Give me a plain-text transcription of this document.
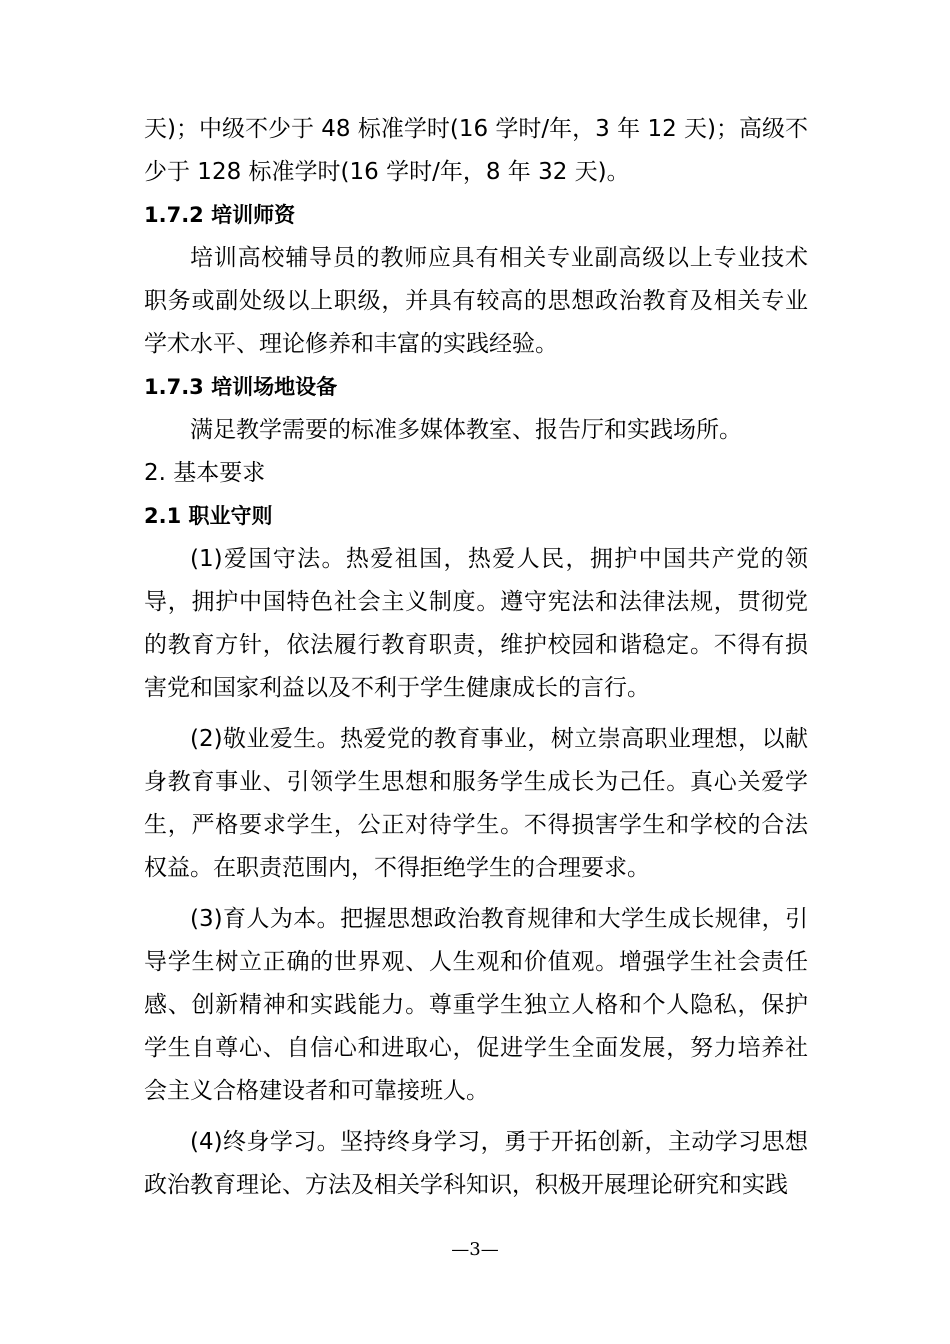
天)；中级不少于 48 标准学时(16 学时/年，3 年 12 天)；高级不少于 128 标准学时(16 学时/年，8 年 32 天)。

1.7.2 培训师资

培训高校辅导员的教师应具有相关专业副高级以上专业技术职务或副处级以上职级，并具有较高的思想政治教育及相关专业学术水平、理论修养和丰富的实践经验。

1.7.3 培训场地设备

满足教学需要的标准多媒体教室、报告厅和实践场所。

2. 基本要求

2.1 职业守则

(1)爱国守法。热爱祖国，热爱人民，拥护中国共产党的领导，拥护中国特色社会主义制度。遵守宪法和法律法规，贯彻党的教育方针，依法履行教育职责，维护校园和谐稳定。不得有损害党和国家利益以及不利于学生健康成长的言行。

(2)敬业爱生。热爱党的教育事业，树立崇高职业理想，以献身教育事业、引领学生思想和服务学生成长为己任。真心关爱学生，严格要求学生，公正对待学生。不得损害学生和学校的合法权益。在职责范围内，不得拒绝学生的合理要求。

(3)育人为本。把握思想政治教育规律和大学生成长规律，引导学生树立正确的世界观、人生观和价值观。增强学生社会责任感、创新精神和实践能力。尊重学生独立人格和个人隐私，保护学生自尊心、自信心和进取心，促进学生全面发展，努力培养社会主义合格建设者和可靠接班人。

(4)终身学习。坚持终身学习，勇于开拓创新，主动学习思想政治教育理论、方法及相关学科知识，积极开展理论研究和实践

—3—
